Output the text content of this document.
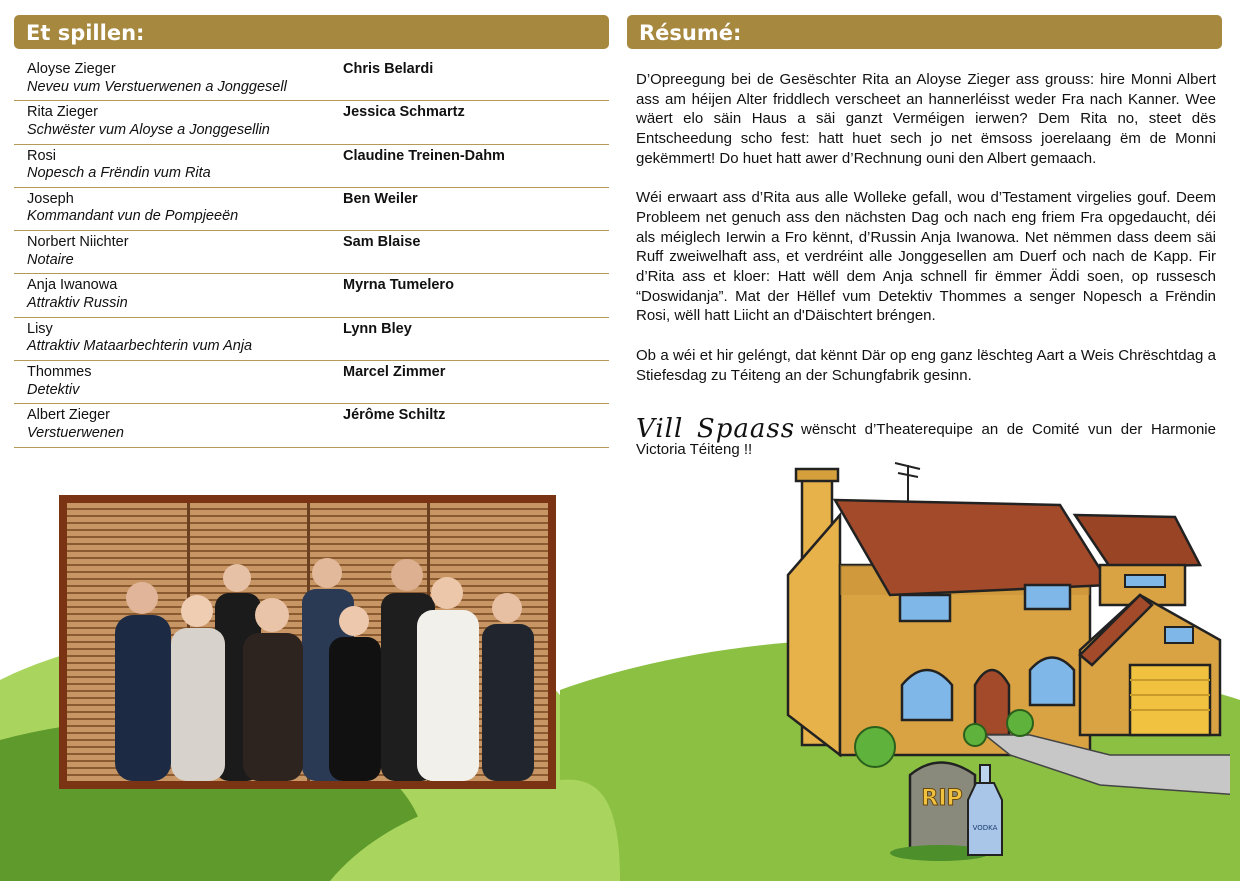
Et spillen:	Résumé:
Aloyse Zieger
Neveu vum Verstuerwenen a Jonggesell
Chris Belardi
Rita Zieger
Schwëster vum Aloyse a Jonggesellin
Jessica Schmartz
Rosi
Nopesch a Frëndin vum Rita
Claudine Treinen-Dahm
Joseph
Kommandant vun de Pompjeeën
Ben Weiler
Norbert Niichter
Notaire
Sam Blaise
Anja Iwanowa
Attraktiv Russin
Myrna Tumelero
Lisy
Attraktiv Mataarbechterin vum Anja
Lynn Bley
Thommes
Detektiv
Marcel Zimmer
Albert Zieger
Verstuerwenen
Jérôme Schiltz

D’Opreegung bei de Gesëschter Rita an Aloyse Zieger ass grouss: hire Monni Albert ass am héijen Alter friddlech verscheet an hannerléisst weder Fra nach Kanner. Wee wäert elo säin Haus a säi ganzt Verméigen ierwen? Dem Rita no, steet dës Entscheedung scho fest: hatt huet sech jo net ëmsoss joerelaang ëm de Monni gekëmmert! Do huet hatt awer d’Rechnung ouni den Albert gemaach.

Wéi erwaart ass d’Rita aus alle Wolleke gefall, wou d’Testament virgelies gouf. Deem Probleem net genuch ass den nächsten Dag och nach eng friem Fra opgedaucht, déi als méiglech Ierwin a Fro kënnt, d’Russin Anja Iwanowa. Net nëmmen dass deem säi Ruff zweiwelhaft ass, et verdréint alle Jonggesellen am Duerf och nach de Kapp. Fir d’Rita ass et kloer: Hatt wëll dem Anja schnell fir ëmmer Äddi soen, op russesch “Doswidanja”. Mat der Hëllef vum Detektiv Thommes a senger Nopesch a Frëndin Rosi, wëll hatt Liicht an d'Däischtert bréngen.

Ob a wéi et hir geléngt, dat kënnt Där op eng ganz lëschteg Aart a Weis Chrëschtdag a Stiefesdag zu Téiteng an der Schungfabrik gesinn.

Vill Spaass wënscht d’Theaterequipe an de Comité vun der Harmonie Victoria Téiteng !!
RIP
VODKA
